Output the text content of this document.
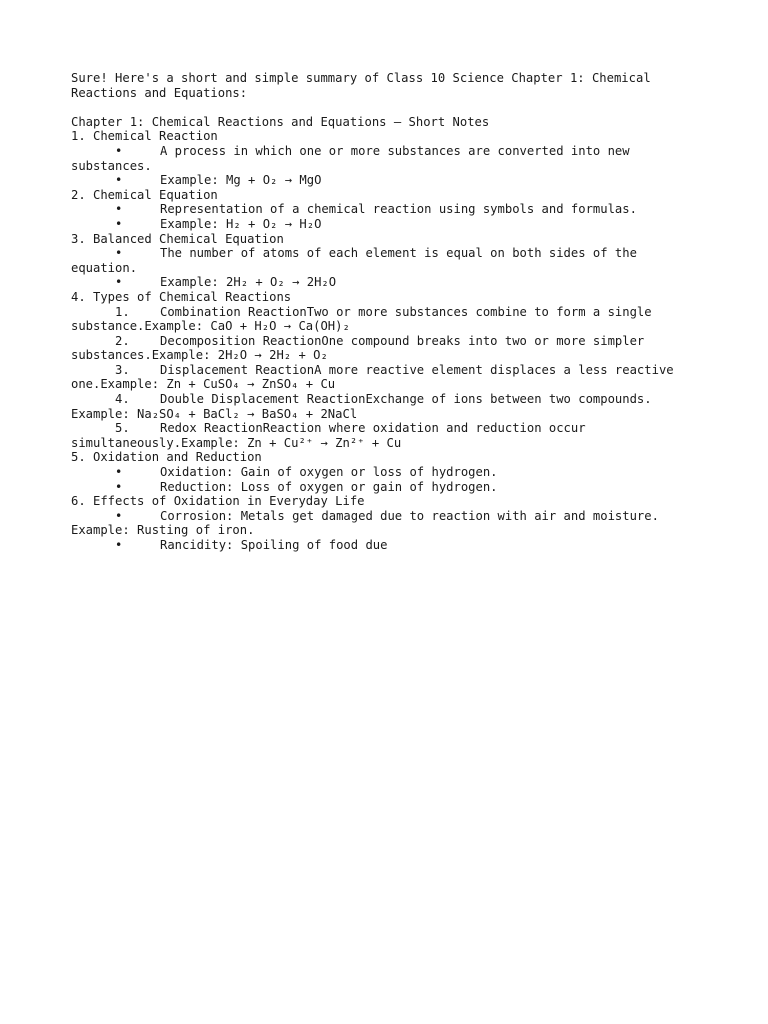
Sure! Here's a short and simple summary of Class 10 Science Chapter 1: Chemical
Reactions and Equations:
Chapter 1: Chemical Reactions and Equations – Short Notes
1. Chemical Reaction

•

	A process in which one or more substances are converted into new

substances.

•

	Example: Mg + O₂ → MgO

2. Chemical Equation

•

	Representation of a chemical reaction using symbols and formulas.

•

	Example: H₂ + O₂ → H₂O

3. Balanced Chemical Equation

•

	The number of atoms of each element is equal on both sides of the

equation.

•

	Example: 2H₂ + O₂ → 2H₂O

4. Types of Chemical Reactions

1.

Combination ReactionTwo or more substances combine to form a single

substance.Example: CaO + H₂O → Ca(OH)₂

2.

Decomposition ReactionOne compound breaks into two or more simpler

substances.Example: 2H₂O → 2H₂ + O₂

3.

Displacement ReactionA more reactive element displaces a less reactive

one.Example: Zn + CuSO₄ → ZnSO₄ + Cu

4.

Double Displacement ReactionExchange of ions between two compounds.

Example: Na₂SO₄ + BaCl₂ → BaSO₄ + 2NaCl

5.

Redox ReactionReaction where oxidation and reduction occur

simultaneously.Example: Zn + Cu²⁺ → Zn²⁺ + Cu
5. Oxidation and Reduction

•

	Oxidation: Gain of oxygen or loss of hydrogen.

•

	Reduction: Loss of oxygen or gain of hydrogen.

6. Effects of Oxidation in Everyday Life

•

	Corrosion: Metals get damaged due to reaction with air and moisture.

Example: Rusting of iron.

•

	Rancidity: Spoiling of food due
